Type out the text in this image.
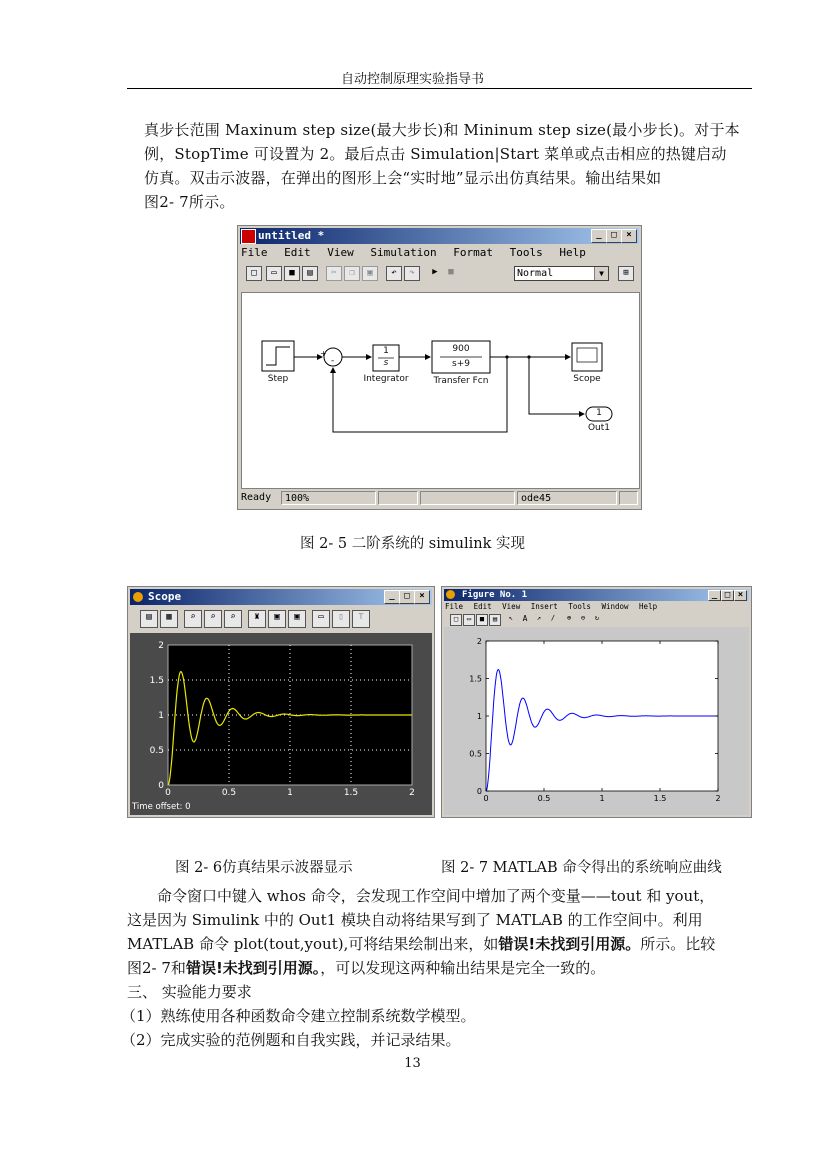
自动控制原理实验指导书
真步长范围 Maxinum step size(最大步长)和 Mininum step size(最小步长)。对于本
例，StopTime 可设置为 2。最后点击 Simulation|Start 菜单或点击相应的热键启动
仿真。双击示波器，在弹出的图形上会“实时地”显示出仿真结果。输出结果如
图2- 7所示。
untitled *	_	□	×
File Edit View Simulation Format Tools Help
□	▭	■	▤	✂	❐	▣	↶	↷	▶	■	Normal	▼	⊞
+
-
1
s
900
s+9
1
Step	Integrator	Transfer Fcn	Scope
Out1
Ready	100%	ode45
图 2- 5 二阶系统的 simulink 实现
Scope	_	□	×
▤	▦	⌕	⌕	⌕	♜	▣	▣	▭	▯	⊤
2
1.5
1
0.5
0
0	0.5	1	1.5	2
Time offset: 0
Figure No. 1	_ □ ×
File Edit View Insert Tools Window Help
□	▭	■	▤	↖	A	↗	∕	⊕	⊖	↻
2
1.5
1
0.5
0
0	0.5	1	1.5	2
图 2- 6仿真结果示波器显示	图 2- 7 MATLAB 命令得出的系统响应曲线
命令窗口中键入 whos 命令，会发现工作空间中增加了两个变量——tout 和 yout，
这是因为 Simulink 中的 Out1 模块自动将结果写到了 MATLAB 的工作空间中。利用
MATLAB 命令 plot(tout,yout),可将结果绘制出来，如错误!未找到引用源。所示。比较
图2- 7和错误!未找到引用源。，可以发现这两种输出结果是完全一致的。
三、 实验能力要求
（1）熟练使用各种函数命令建立控制系统数学模型。
（2）完成实验的范例题和自我实践，并记录结果。
13
